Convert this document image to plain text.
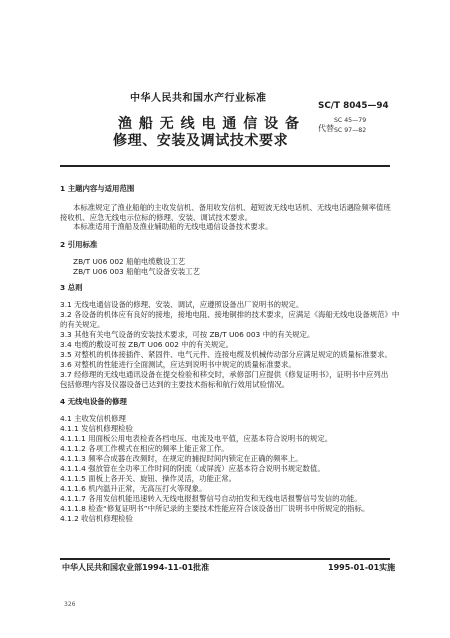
中华人民共和国水产行业标准
SC/T 8045—94
渔 船 无 线 电 通 信 设 备
修理、安装及调试技术要求
代替
SC 45—79
SC 97—82
1 主题内容与适用范围
本标准规定了渔业船舶的主收发信机、备用收发信机、超短波无线电话机、无线电话遇险频率值班
接收机、应急无线电示位标的修理、安装、调试技术要求。
本标准适用于渔船及渔业辅助船的无线电通信设备技术要求。
2 引用标准
ZB/T U06 002 船舶电缆敷设工艺
ZB/T U06 003 船舶电气设备安装工艺
3 总则
3.1 无线电通信设备的修理、安装、调试，应遵照设备出厂说明书的规定。
3.2 各设备的机体应有良好的接地，接地电阻、接地铜排的技术要求，应满足《海船无线电设备规范》中
的有关规定。
3.3 其他有关电气设备的安装技术要求，可按 ZB/T U06 003 中的有关规定。
3.4 电缆的敷设可按 ZB/T U06 002 中的有关规定。
3.5 对整机的机体接插件、紧固件、电气元件、连接电缆及机械传动部分应满足规定的质量标准要求。
3.6 对整机的性能进行全面测试，应达到说明书中规定的质量标准要求。
3.7 经修理的无线电通讯设备在提交检验和移交时，承修部门应提供《修复证明书》，证明书中应列出
包括修理内容及仪器设备已达到的主要技术指标和航行效用试验情况。
4 无线电设备的修理
4.1 主收发信机修理
4.1.1 发信机修理检验
4.1.1.1 用面板公用电表检查各档电压、电流及电平值，应基本符合说明书的规定。
4.1.1.2 各项工作模式在相应的频率上能正常工作。
4.1.1.3 频率合成器在改频时，在规定的捕捉时间内锁定在正确的频率上。
4.1.1.4 强放管在全功率工作时间的阴流（或屏流）应基本符合说明书规定数值。
4.1.1.5 面板上各开关、旋钮、操作灵活，功能正常。
4.1.1.6 机内温升正常，无高压打火等现象。
4.1.1.7 各用发信机能迅速转入无线电报报警信号自动拍发和无线电话报警信号发信的功能。
4.1.1.8 检查“修复证明书”中所记录的主要技术性能应符合该设备出厂说明书中所规定的指标。
4.1.2 收信机修理检验
中华人民共和国农业部1994-11-01批准	1995-01-01实施
326
